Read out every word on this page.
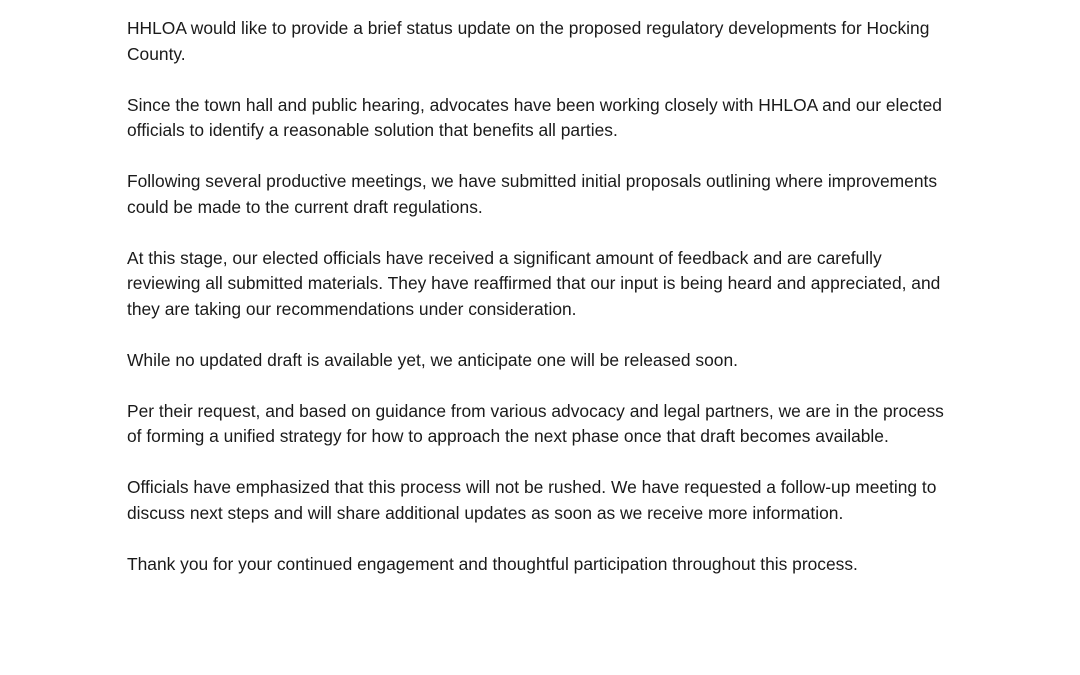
HHLOA would like to provide a brief status update on the proposed regulatory developments for Hocking County.

Since the town hall and public hearing, advocates have been working closely with HHLOA and our elected officials to identify a reasonable solution that benefits all parties.

Following several productive meetings, we have submitted initial proposals outlining where improvements could be made to the current draft regulations.

At this stage, our elected officials have received a significant amount of feedback and are carefully reviewing all submitted materials. They have reaffirmed that our input is being heard and appreciated, and they are taking our recommendations under consideration.

While no updated draft is available yet, we anticipate one will be released soon.

Per their request, and based on guidance from various advocacy and legal partners, we are in the process of forming a unified strategy for how to approach the next phase once that draft becomes available.

Officials have emphasized that this process will not be rushed. We have requested a follow-up meeting to discuss next steps and will share additional updates as soon as we receive more information.

Thank you for your continued engagement and thoughtful participation throughout this process.
